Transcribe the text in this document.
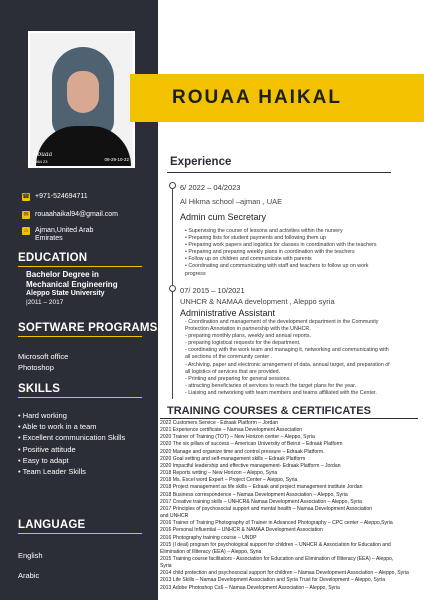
Rouaa
2664 23	09-29-10-22
☎ +971-524694711
✉ rouaahaikal94@gmail.com
⌂	Ajman,United Arab Emirates
EDUCATION
Bachelor Degree in
Mechanical Engineering
Aleppo State University
|2011 – 2017
SOFTWARE PROGRAMS
Microsoft office
Photoshop
SKILLS
• Hard working
• Able to work in a team
• Excellent communication Skills
• Positive attitude
• Easy to adapt
• Team Leader Skills
LANGUAGE
English
Arabic
ROUAA HAIKAL
Experience
6/ 2022 – 04/2023
Al Hikma school –ajman , UAE
Admin cum Secretary
• Supervising the course of lessons and activities within the nursery
• Preparing lists for student payments and following them up
• Preparing work papers and logistics for classes in coordination with the teachers
• Preparing and preparing weekly plans in coordination with the teachers
• Follow up on children and communicate with parents
• Coordinating and communicating with staff and teachers to follow up on work
progress
07/ 2015 – 10/2021
UNHCR & NAMAA development , Aleppo syria
Administrative Assistant
- Coordination and management of the development department in the Community
Protection Annotation in partnership with the UNHCR.
- preparing monthly plans, weekly and annual reports.
- preparing logistical requests for the department.
- coordinating with the work team and managing it, networking and communicating with
all sections of the community center .
- Archiving, paper and electronic arrangement of data, annual target, and preparation of
all logistics of services that are provided.
- Printing and preparing for general sessions.
- attracting beneficiaries of services to reach the target plans for the year.
- Liaising and networking with team members and teams affiliated with the Center.
TRAINING COURSES & CERTIFICATES
2022 Customers Service - Edraak Platform – Jordan
2021 Experience certificate – Namaa Development Association
2020 Trainer of Training (TOT) – New Horizon center – Aleppo, Syria
2020 The six pillars of success – American University of Beirut – Edraak Platform
2020 Manage and organize time and control pressure – Edraak Platform.
2020 Goal setting and self-management skills – Edraak Platform
2020 Impactful leadership and effective management- Edraak Platform – Jordan
2018 Reports writing – New Horizon – Aleppo, Syria
2018 Ms. Excel word Expert – Project Center – Aleppo, Syria
2018 Project management as life skills – Edraak and project management institute Jordan
2018 Business correspondence – Namaa Development Association – Aleppo, Syria
2017 Creative training skills – UNHCR& Namaa Development Association – Aleppo, Syria
2017 Principles of psychosocial support and mental health – Namaa Development Association
and UNHCR
2016 Trainer of Training Photography of Trainer in Advanced Photography – CPC center – Aleppo,Syria
2016 Personal Influential – UNHCR & NAMAA Development Association
2016 Photography training course – UNDP
2015 (I deal) program for psychological support for children – UNHCR & Association for Education and
Elimination of Illiteracy (EEA) – Aleppo, Syria
2015 Training course facilitators - Association for Education and Elimination of Illiteracy (EEA) – Aleppo,
Syria
2014 child protection and psychosocial support for children – Namaa Development Association – Aleppo, Syria
2013 Life Skills – Namaa Development Association and Syria Trust for Development – Aleppo, Syria
2013 Adobe Photoshop Cs6 – Namaa Development Association – Aleppo, Syria
